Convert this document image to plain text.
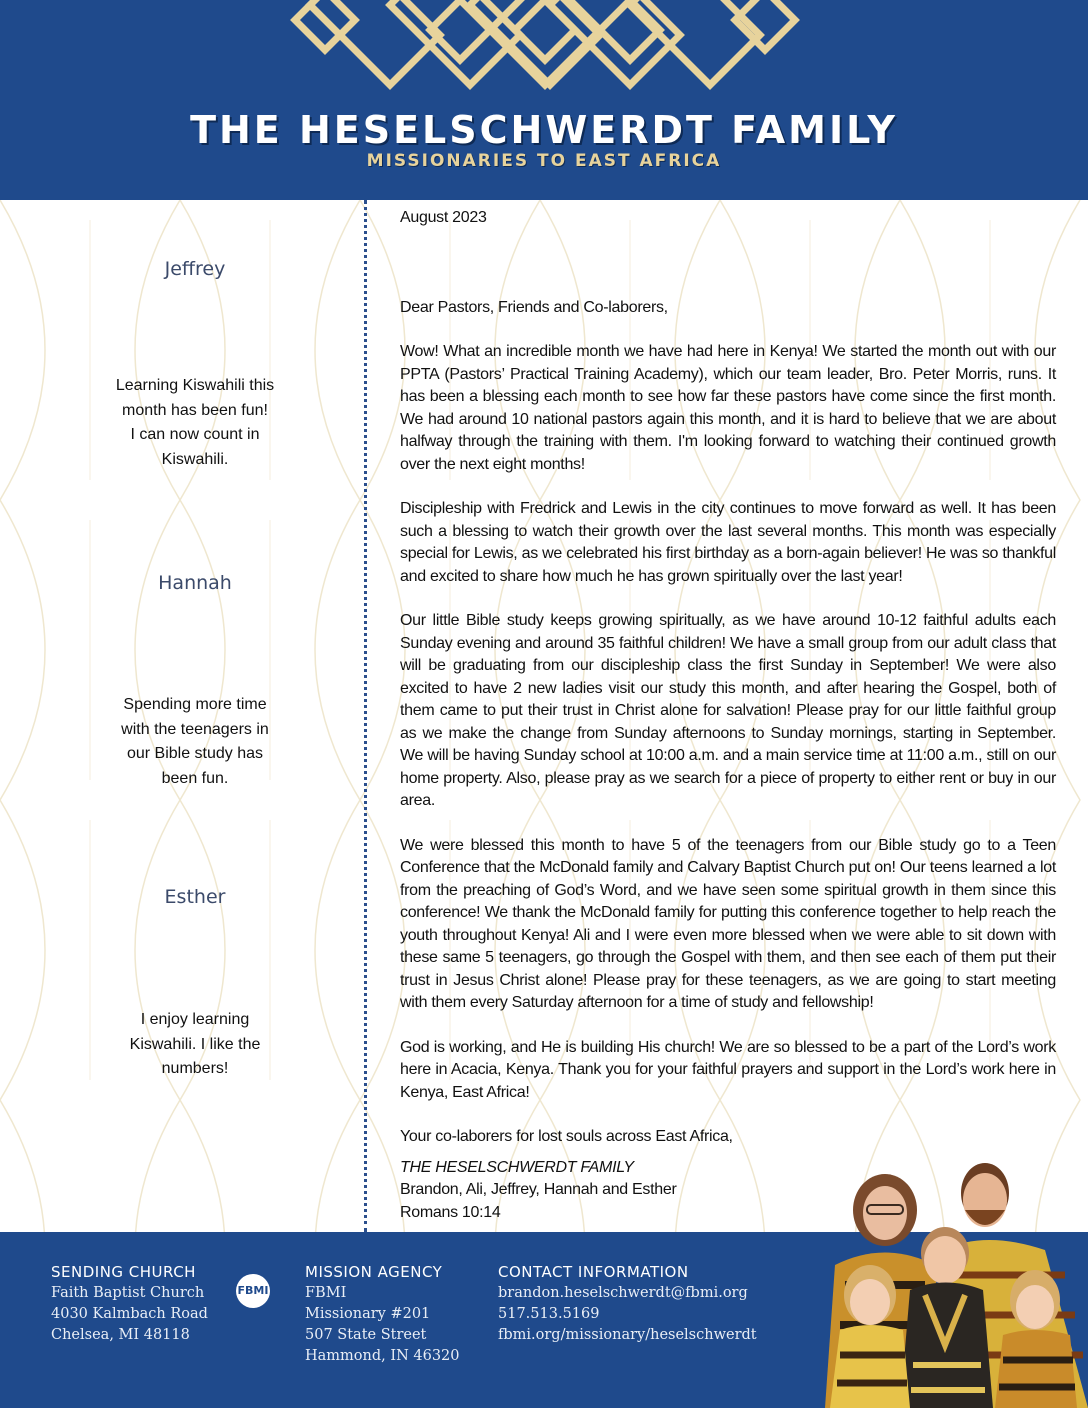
THE HESELSCHWERDT FAMILY
MISSIONARIES TO EAST AFRICA
Jeffrey
Learning Kiswahili this
month has been fun!
I can now count in
Kiswahili.
Hannah
Spending more time
with the teenagers in
our Bible study has
been fun.
Esther
I enjoy learning
Kiswahili. I like the
numbers!

August 2023

Dear Pastors, Friends and Co-laborers,

Wow! What an incredible month we have had here in Kenya! We started the month out with our PPTA (Pastors’ Practical Training Academy), which our team leader, Bro. Peter Morris, runs. It has been a blessing each month to see how far these pastors have come since the first month. We had around 10 national pastors again this month, and it is hard to believe that we are about halfway through the training with them. I'm looking forward to watching their continued growth over the next eight months!

Discipleship with Fredrick and Lewis in the city continues to move forward as well. It has been such a blessing to watch their growth over the last several months. This month was especially special for Lewis, as we celebrated his first birthday as a born-again believer! He was so thankful and excited to share how much he has grown spiritually over the last year!

Our little Bible study keeps growing spiritually, as we have around 10-12 faithful adults each Sunday evening and around 35 faithful children! We have a small group from our adult class that will be graduating from our discipleship class the first Sunday in September! We were also excited to have 2 new ladies visit our study this month, and after hearing the Gospel, both of them came to put their trust in Christ alone for salvation! Please pray for our little faithful group as we make the change from Sunday afternoons to Sunday mornings, starting in September. We will be having Sunday school at 10:00 a.m. and a main service time at 11:00 a.m., still on our home property. Also, please pray as we search for a piece of property to either rent or buy in our area.

We were blessed this month to have 5 of the teenagers from our Bible study go to a Teen Conference that the McDonald family and Calvary Baptist Church put on! Our teens learned a lot from the preaching of God’s Word, and we have seen some spiritual growth in them since this conference! We thank the McDonald family for putting this conference together to help reach the youth throughout Kenya! Ali and I were even more blessed when we were able to sit down with these same 5 teenagers, go through the Gospel with them, and then see each of them put their trust in Jesus Christ alone! Please pray for these teenagers, as we are going to start meeting with them every Saturday afternoon for a time of study and fellowship!

God is working, and He is building His church! We are so blessed to be a part of the Lord’s work here in Acacia, Kenya. Thank you for your faithful prayers and support in the Lord’s work here in Kenya, East Africa!

Your co-laborers for lost souls across East Africa,

THE HESELSCHWERDT FAMILY

Brandon, Ali, Jeffrey, Hannah and Esther

Romans 10:14

SENDING CHURCH
Faith Baptist Church
4030 Kalmbach Road
Chelsea, MI 48118
FBMI
MISSION AGENCY
FBMI
Missionary #201
507 State Street
Hammond, IN 46320
CONTACT INFORMATION
brandon.heselschwerdt@fbmi.org
517.513.5169
fbmi.org/missionary/heselschwerdt
